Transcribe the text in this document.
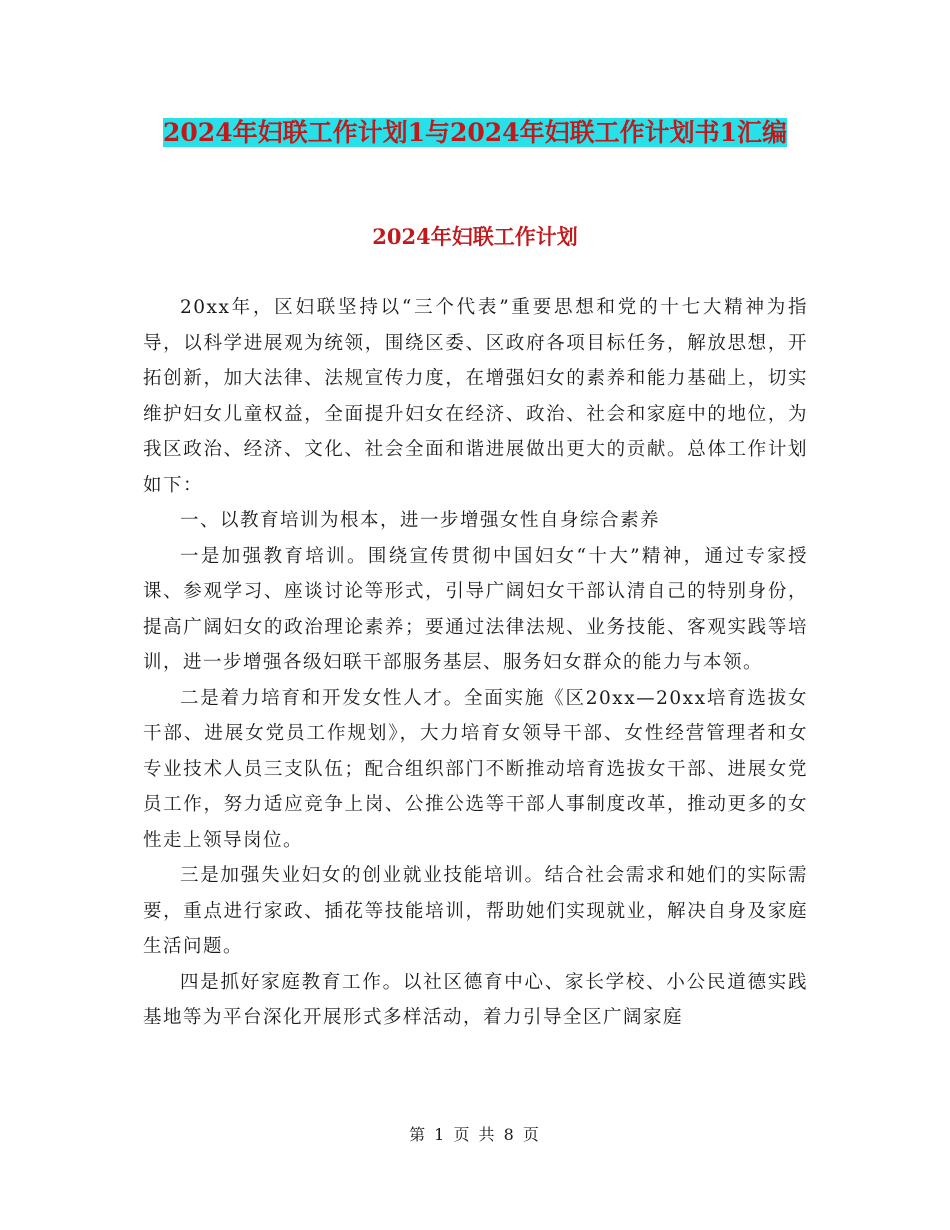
2024年妇联工作计划1与2024年妇联工作计划书1汇编
2024年妇联工作计划

20xx年，区妇联坚持以“三个代表”重要思想和党的十七大精神为指导，以科学进展观为统领，围绕区委、区政府各项目标任务，解放思想，开拓创新，加大法律、法规宣传力度，在增强妇女的素养和能力基础上，切实维护妇女儿童权益，全面提升妇女在经济、政治、社会和家庭中的地位，为我区政治、经济、文化、社会全面和谐进展做出更大的贡献。总体工作计划如下：

一、以教育培训为根本，进一步增强女性自身综合素养

一是加强教育培训。围绕宣传贯彻中国妇女“十大”精神，通过专家授课、参观学习、座谈讨论等形式，引导广阔妇女干部认清自己的特别身份，提高广阔妇女的政治理论素养；要通过法律法规、业务技能、客观实践等培训，进一步增强各级妇联干部服务基层、服务妇女群众的能力与本领。

二是着力培育和开发女性人才。全面实施《区20xx—20xx培育选拔女干部、进展女党员工作规划》，大力培育女领导干部、女性经营管理者和女专业技术人员三支队伍；配合组织部门不断推动培育选拔女干部、进展女党员工作，努力适应竞争上岗、公推公选等干部人事制度改革，推动更多的女性走上领导岗位。

三是加强失业妇女的创业就业技能培训。结合社会需求和她们的实际需要，重点进行家政、插花等技能培训，帮助她们实现就业，解决自身及家庭生活问题。

四是抓好家庭教育工作。以社区德育中心、家长学校、小公民道德实践基地等为平台深化开展形式多样活动，着力引导全区广阔家庭

第 1 页 共 8 页
